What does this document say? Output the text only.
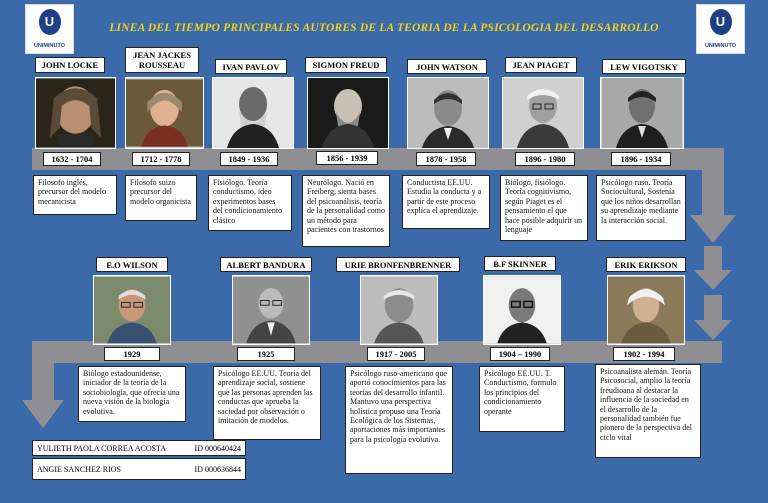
U
UNIMINUTO
U
UNIMINUTO
LINEA DEL TIEMPO PRINCIPALES AUTORES DE LA TEORIA DE LA PSICOLOGIA DEL DESARROLLO
JOHN LOCKE
1632 - 1704
Filosofo inglés, precursor del modelo mecanicista
JEAN JACKES ROUSSEAU
1712 - 1778
Filosofo suizo precursor del modelo organicista
IVAN PAVLOV
1849 - 1936
Fisiólogo. Teoría conductismo, ideo experimentos bases del condicionamiento clásico
SIGMON FREUD
1856 - 1939
Neurólogo. Nació en Freiberg, sienta bases del psicoanálisis, teoría de la personalidad como un método para pacientes con trastornos
JOHN WATSON
1878 - 1958
Conductista EE.UU. Estudia la conducta y a partir de este proceso explica el aprendizaje.
JEAN PIAGET
1896 - 1980
Biólogo, fisiólogo. Teoría cognitivismo, según Piaget es el pensamiento el que hace posible adquirir un lenguaje
LEW VIGOTSKY
1896 - 1934
Psicólogo ruso. Teoría Sociocultural, Sostenía que los niños desarrollan su aprendizaje mediante la interacción social.
E.O WILSON
1929
Biólogo estadounidense, iniciador de la teoría de la sociobiología, que ofrecía una nueva visión de la biología evolutiva.
ALBERT BANDURA
1925
Psicólogo EE.UU. Teoría del aprendizaje social, sostiene que las personas aprenden las conductas que aprueba la saciedad por observación o imitación de modelos.
URIE BRONFENBRENNER
1917 - 2005
Psicólogo ruso-americano que aportó conocimientos para las teorías del desarrollo infantil. Mantuvo una perspectiva holística propuso una Teoría Ecológica de los Sistemas, aportaciones más importantes para la psicología evolutiva.
B.F SKINNER
1904 – 1990
Psicólogo EE.UU. T. Conductismo, formulo los principios del condicionamiento operante
ERIK ERIKSON
1902 - 1994
Psicoanalista alemán. Teoría Psicosocial, amplio la teoría freudioana al destacar la influencia de la sociedad en el desarrollo de la personalidad también fue pionero de la perspectiva del ciclo vital
YULIETH PAOLA CORREA ACOSTA	ID 000640424
ANGIE SANCHEZ RIOS	ID 000636844
